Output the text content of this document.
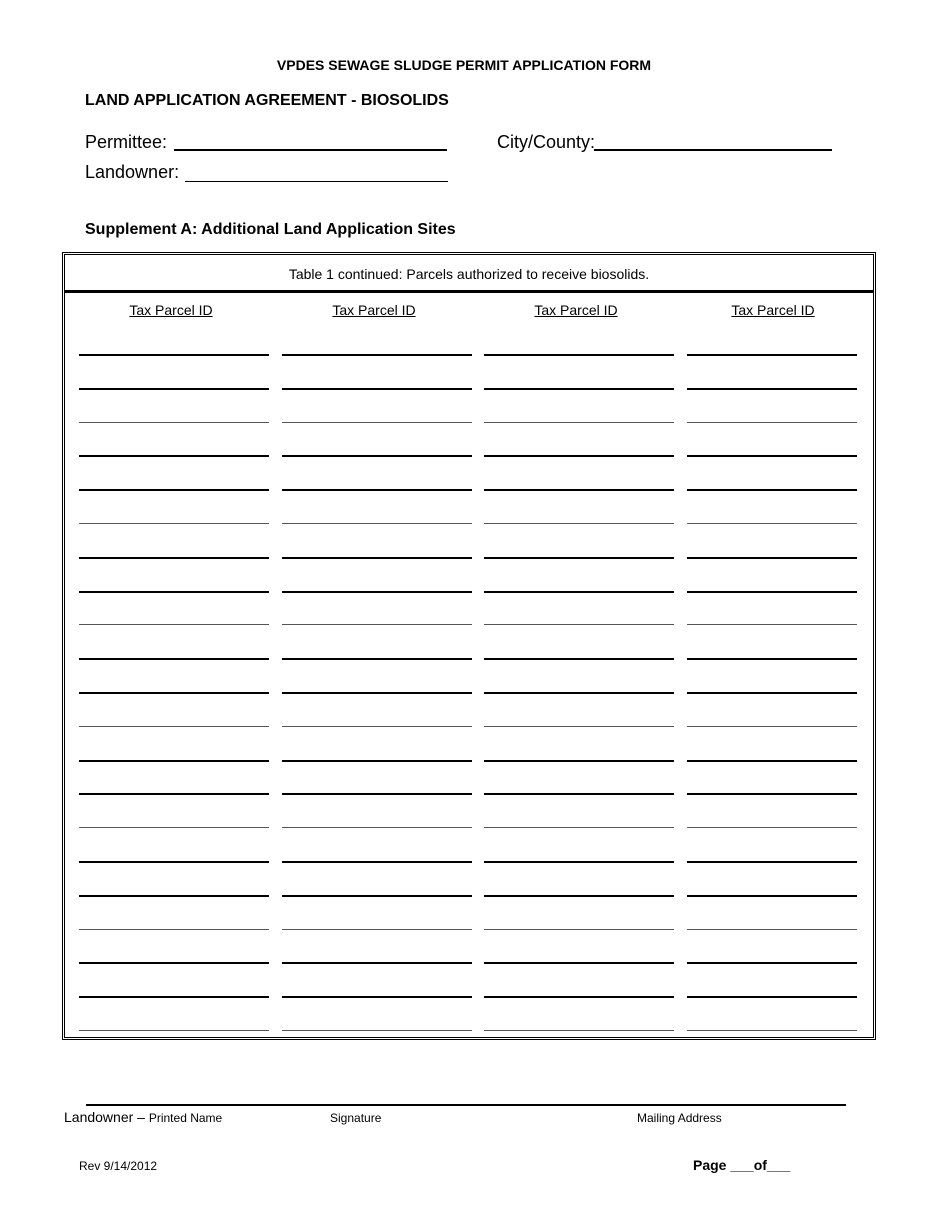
VPDES SEWAGE SLUDGE PERMIT APPLICATION FORM
LAND APPLICATION AGREEMENT - BIOSOLIDS
Permittee:	City/County:
Landowner:
Supplement A: Additional Land Application Sites
Table 1 continued: Parcels authorized to receive biosolids.
Tax Parcel ID	Tax Parcel ID	Tax Parcel ID	Tax Parcel ID
Landowner – Printed Name	Signature	Mailing Address
Rev 9/14/2012	Page ___of___
